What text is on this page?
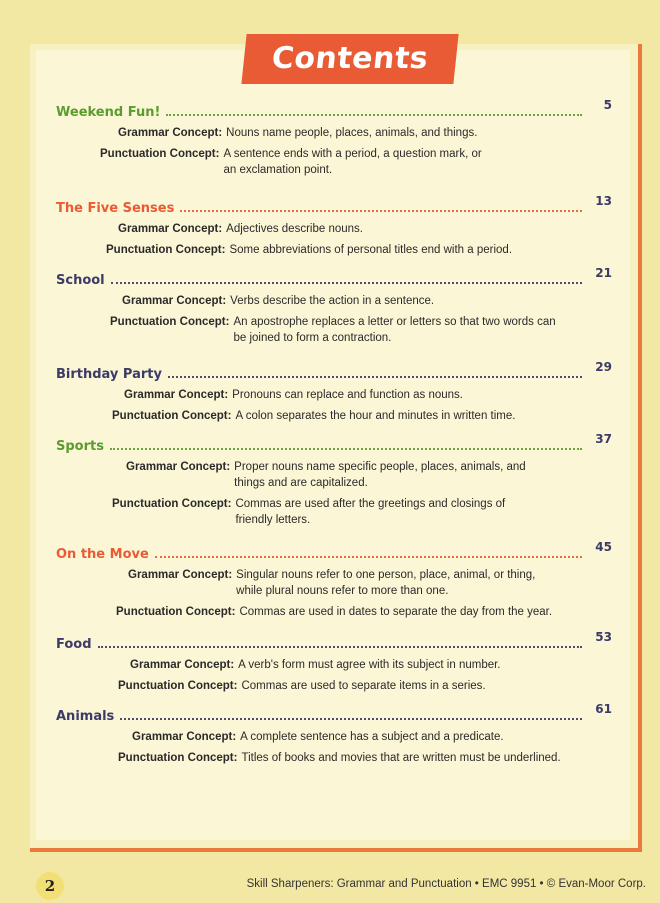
Contents
Weekend Fun!	5
Grammar Concept: Nouns name people, places, animals, and things.
Punctuation Concept: A sentence ends with a period, a question mark, or an exclamation point.
The Five Senses	13
Grammar Concept: Adjectives describe nouns.
Punctuation Concept: Some abbreviations of personal titles end with a period.
School	21
Grammar Concept: Verbs describe the action in a sentence.
Punctuation Concept: An apostrophe replaces a letter or letters so that two words can be joined to form a contraction.
Birthday Party	29
Grammar Concept: Pronouns can replace and function as nouns.
Punctuation Concept: A colon separates the hour and minutes in written time.
Sports	37
Grammar Concept: Proper nouns name specific people, places, animals, and things and are capitalized.
Punctuation Concept: Commas are used after the greetings and closings of friendly letters.
On the Move	45
Grammar Concept: Singular nouns refer to one person, place, animal, or thing, while plural nouns refer to more than one.
Punctuation Concept: Commas are used in dates to separate the day from the year.
Food	53
Grammar Concept: A verb's form must agree with its subject in number.
Punctuation Concept: Commas are used to separate items in a series.
Animals	61
Grammar Concept: A complete sentence has a subject and a predicate.
Punctuation Concept: Titles of books and movies that are written must be underlined.
2	Skill Sharpeners: Grammar and Punctuation • EMC 9951 • © Evan-Moor Corp.
